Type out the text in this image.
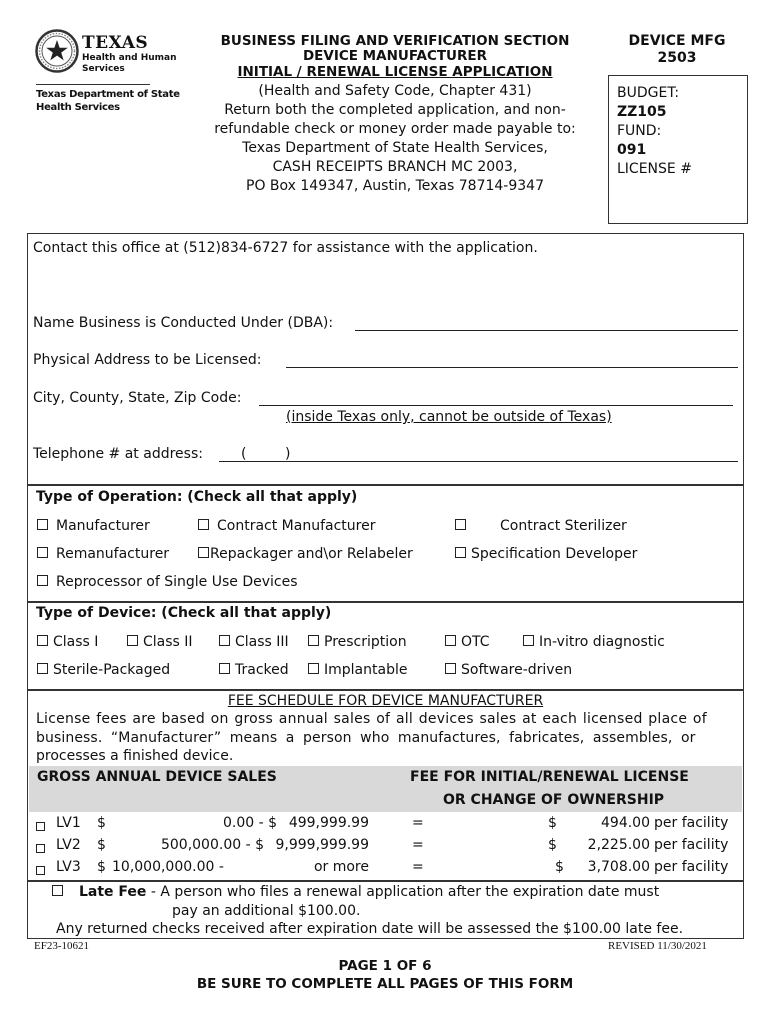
TEXAS
Health and Human
Services
Texas Department of State
Health Services
BUSINESS FILING AND VERIFICATION SECTION
DEVICE MANUFACTURER
INITIAL / RENEWAL LICENSE APPLICATION
(Health and Safety Code, Chapter 431)
Return both the completed application, and non-
refundable check or money order made payable to:
Texas Department of State Health Services,
CASH RECEIPTS BRANCH MC 2003,
PO Box 149347, Austin, Texas 78714-9347
DEVICE MFG
2503
BUDGET:
ZZ105
FUND:
091
LICENSE #
Contact this office at (512)834-6727 for assistance with the application.
Name Business is Conducted Under (DBA):
Physical Address to be Licensed:
City, County, State, Zip Code:
(inside Texas only, cannot be outside of Texas)
Telephone # at address:	(	)
Type of Operation: (Check all that apply)
Manufacturer	Contract Manufacturer	Contract Sterilizer
Remanufacturer	Repackager and\or Relabeler	Specification Developer
Reprocessor of Single Use Devices
Type of Device: (Check all that apply)
Class I	Class II	Class III	Prescription	OTC	In-vitro diagnostic
Sterile-Packaged	Tracked	Implantable	Software-driven
FEE SCHEDULE FOR DEVICE MANUFACTURER
License fees are based on gross annual sales of all devices sales at each licensed place of
business. “Manufacturer” means a person who manufactures, fabricates, assembles, or
processes a finished device.
GROSS ANNUAL DEVICE SALES	FEE FOR INITIAL/RENEWAL LICENSE
OR CHANGE OF OWNERSHIP
LV1 $	0.00 - $ 499,999.99	=	$	494.00 per facility
LV2 $	500,000.00 - $ 9,999,999.99	=	$	2,225.00 per facility
LV3 $ 10,000,000.00 -	or more	=	$	3,708.00 per facility
Late Fee - A person who files a renewal application after the expiration date must
pay an additional $100.00.
Any returned checks received after expiration date will be assessed the $100.00 late fee.
EF23-10621	REVISED 11/30/2021
PAGE 1 OF 6
BE SURE TO COMPLETE ALL PAGES OF THIS FORM
